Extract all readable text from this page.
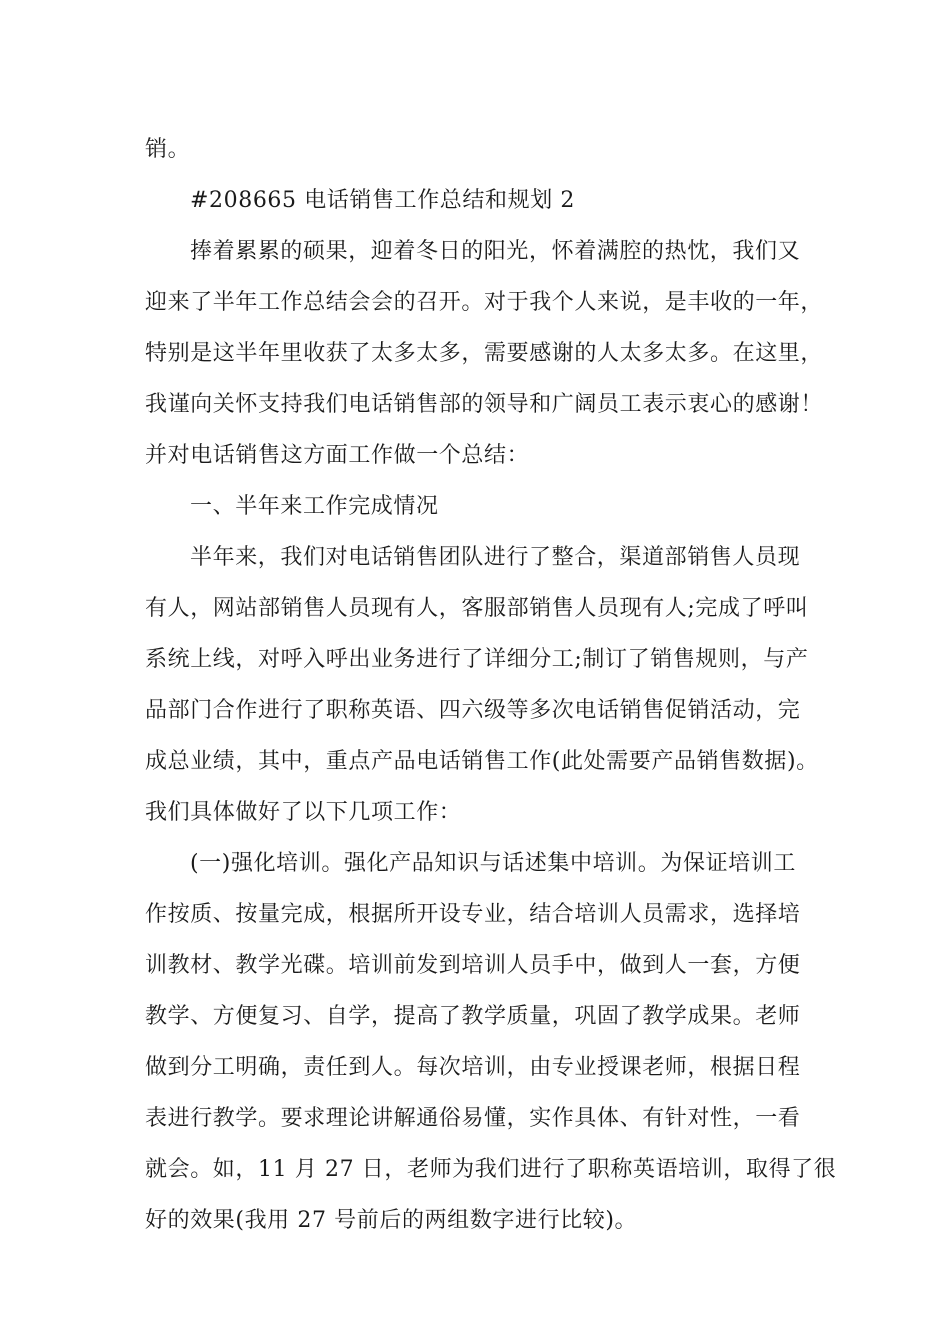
销。
#208665 电话销售工作总结和规划 2
捧着累累的硕果，迎着冬日的阳光，怀着满腔的热忱，我们又
迎来了半年工作总结会会的召开。对于我个人来说，是丰收的一年，
特别是这半年里收获了太多太多，需要感谢的人太多太多。在这里，
我谨向关怀支持我们电话销售部的领导和广阔员工表示衷心的感谢！
并对电话销售这方面工作做一个总结：
一、半年来工作完成情况
半年来，我们对电话销售团队进行了整合，渠道部销售人员现
有人，网站部销售人员现有人，客服部销售人员现有人;完成了呼叫
系统上线，对呼入呼出业务进行了详细分工;制订了销售规则，与产
品部门合作进行了职称英语、四六级等多次电话销售促销活动，完
成总业绩，其中，重点产品电话销售工作(此处需要产品销售数据)。
我们具体做好了以下几项工作：
(一)强化培训。强化产品知识与话述集中培训。为保证培训工
作按质、按量完成，根据所开设专业，结合培训人员需求，选择培
训教材、教学光碟。培训前发到培训人员手中，做到人一套，方便
教学、方便复习、自学，提高了教学质量，巩固了教学成果。老师
做到分工明确，责任到人。每次培训，由专业授课老师，根据日程
表进行教学。要求理论讲解通俗易懂，实作具体、有针对性，一看
就会。如，11 月 27 日，老师为我们进行了职称英语培训，取得了很
好的效果(我用 27 号前后的两组数字进行比较)。
